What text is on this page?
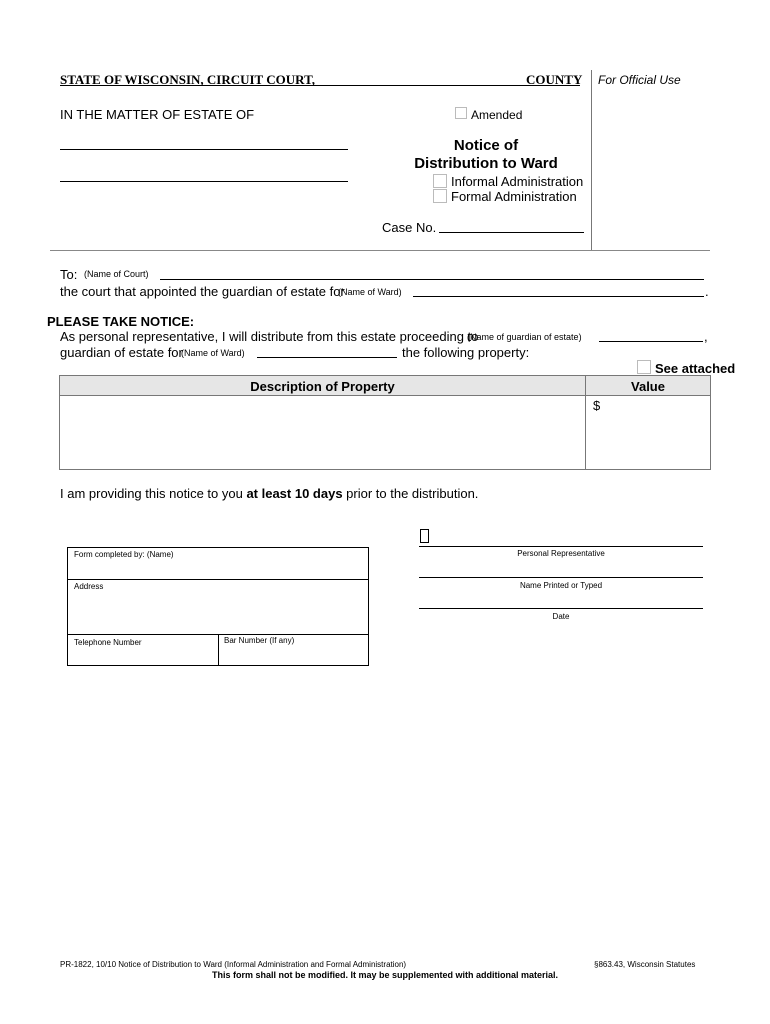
STATE OF WISCONSIN, CIRCUIT COURT,	COUNTY For Official Use
IN THE MATTER OF ESTATE OF	Amended
Notice of
Distribution to Ward
Informal Administration
Formal Administration
Case No.
To: (Name of Court)
the court that appointed the guardian of estate for
(Name of Ward)	.
PLEASE TAKE NOTICE:
As personal representative, I will distribute from this estate proceeding to
(Name of guardian of estate)	,
guardian of estate for
(Name of Ward)	the following property:
See attached
Description of Property	Value
$
I am providing this notice to you at least 10 days prior to the distribution.
Form completed by: (Name)
Address
Telephone Number	Bar Number (If any)
Personal Representative
Name Printed or Typed
Date
PR-1822, 10/10 Notice of Distribution to Ward (Informal Administration and Formal Administration)	§863.43, Wisconsin Statutes
This form shall not be modified. It may be supplemented with additional material.
